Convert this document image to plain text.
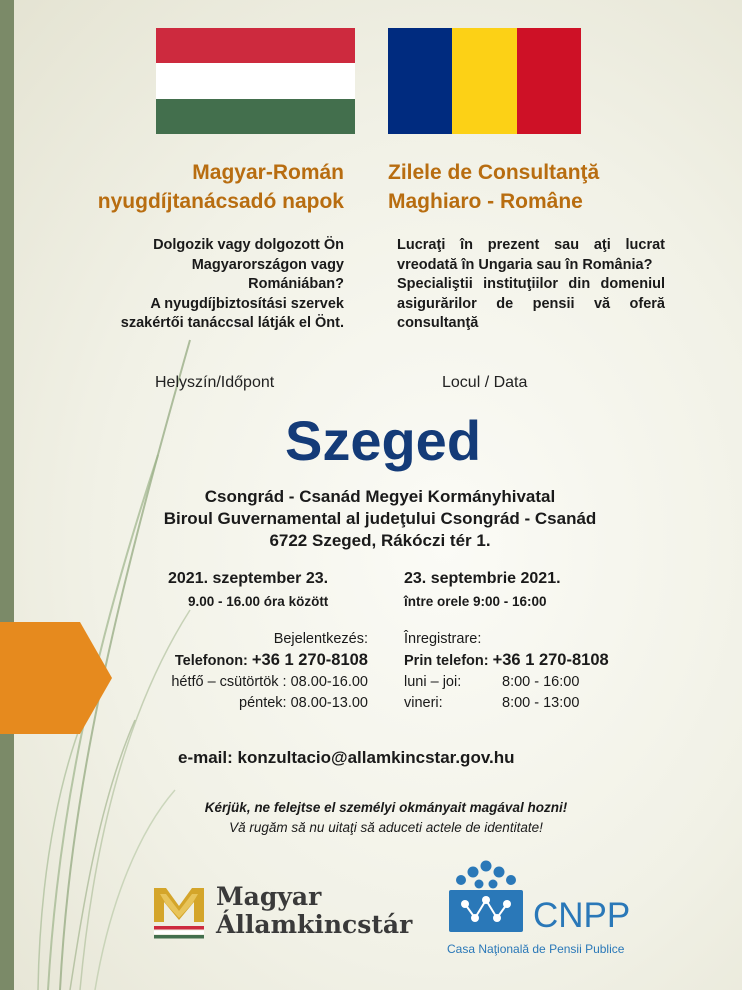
Magyar-Román
nyugdíjtanácsadó napok
Zilele de Consultanţă
Maghiaro - Române
Dolgozik vagy dolgozott Ön
Magyarországon vagy
Romániában?
A nyugdíjbiztosítási szervek
szakértői tanáccsal látják el Önt.
Lucraţi în prezent sau aţi lucrat vreodată în Ungaria sau în România?
Specialiştii instituţiilor din domeniul asigurărilor de pensii vă oferă consultanţă
Helyszín/Időpont	Locul / Data
Szeged
Csongrád - Csanád Megyei Kormányhivatal
Biroul Guvernamental al judeţului Csongrád - Csanád
6722 Szeged, Rákóczi tér 1.
2021. szeptember 23.
9.00 - 16.00 óra között
23. septembrie 2021.
între orele 9:00 - 16:00
Bejelentkezés:
Telefonon: +36 1 270-8108
hétfő – csütörtök : 08.00-16.00
péntek: 08.00-13.00
Înregistrare:
Prin telefon: +36 1 270-8108
luni – joi:	8:00 - 16:00
vineri:	8:00 - 13:00
e-mail: konzultacio@allamkincstar.gov.hu
Kérjük, ne felejtse el személyi okmányait magával hozni!
Vă rugăm să nu uitaţi să aduceti actele de identitate!
Magyar
Államkincstár	CNPP
Casa Naţională de Pensii Publice
